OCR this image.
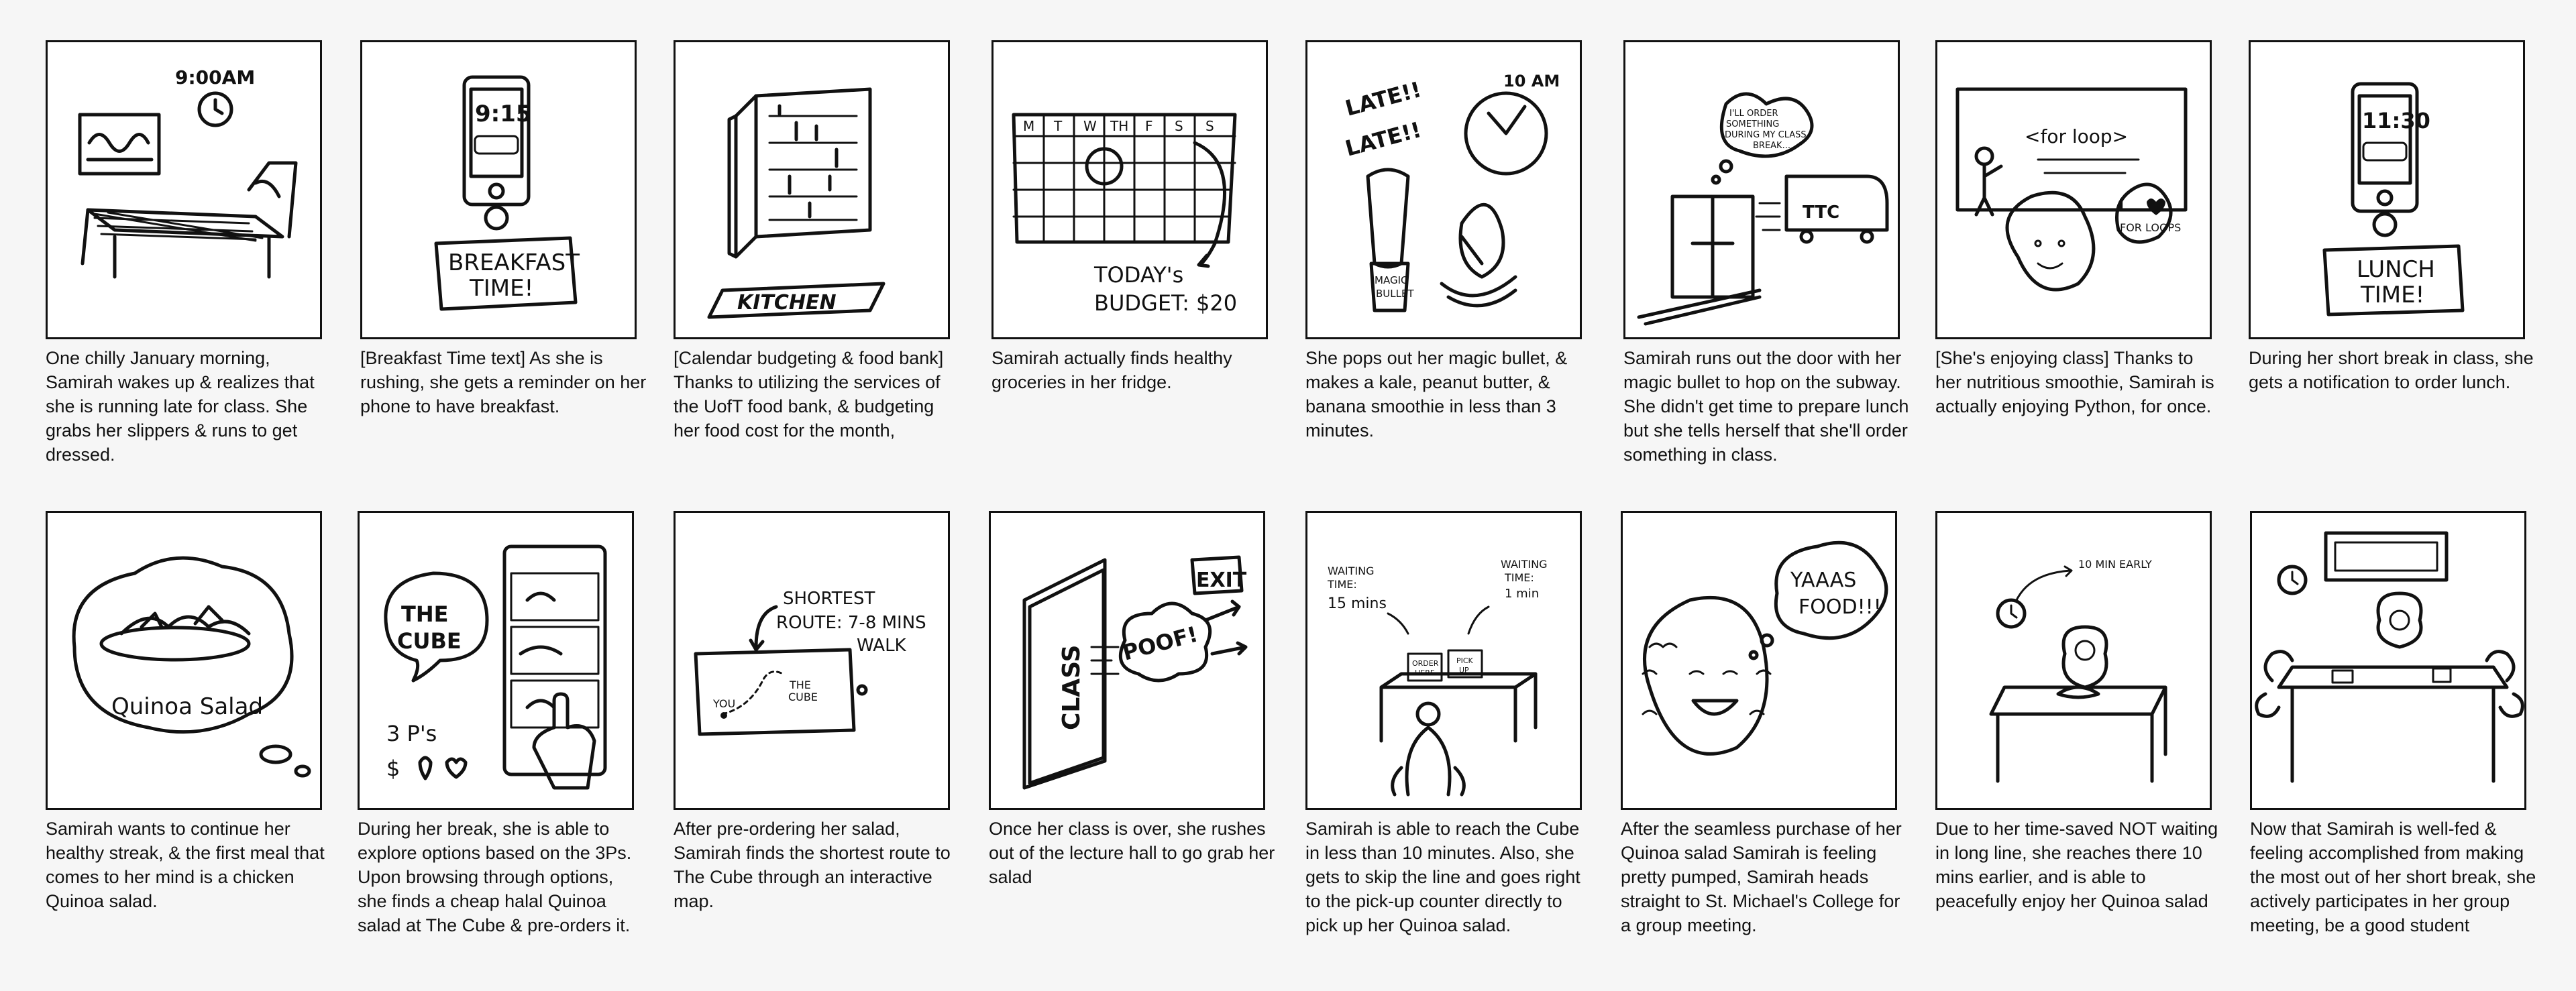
9:00AM
One chilly January morning, Samirah wakes up & realizes that she is running late for class. She grabs her slippers & runs to get dressed.
9:15
BREAKFAST
TIME!
[Breakfast Time text] As she is rushing, she gets a reminder on her phone to have breakfast.
KITCHEN
[Calendar budgeting & food bank] Thanks to utilizing the services of the UofT food bank, & budgeting her food cost for the month,
M T W TH F S S
TODAY's
BUDGET: $20
Samirah actually finds healthy groceries in her fridge.
LATE!!
LATE!!
10 AM
MAGIC
BULLET
She pops out her magic bullet, & makes a kale, peanut butter, & banana smoothie in less than 3 minutes.
I'LL ORDER
SOMETHING
DURING MY CLASS
BREAK...
TTC
Samirah runs out the door with her magic bullet to hop on the subway. She didn't get time to prepare lunch but she tells herself that she'll order something in class.
<for loop>
I
FOR LOOPS
[She's enjoying class] Thanks to her nutritious smoothie, Samirah is actually enjoying Python, for once.
11:30
LUNCH
TIME!
During her short break in class, she gets a notification to order lunch.
Quinoa Salad
Samirah wants to continue her healthy streak, & the first meal that comes to her mind is a chicken Quinoa salad.
THE
CUBE
3 P's
$
During her break, she is able to explore options based on the 3Ps. Upon browsing through options, she finds a cheap halal Quinoa salad at The Cube & pre-orders it.
SHORTEST
ROUTE: 7-8 MINS
WALK
YOU
THE
CUBE
After pre-ordering her salad, Samirah finds the shortest route to The Cube through an interactive map.
CLASS
POOF!
EXIT
Once her class is over, she rushes out of the lecture hall to go grab her salad
WAITING
TIME:
15 mins
WAITING
TIME:
1 min
ORDER
HERE
PICK
UP
Samirah is able to reach the Cube in less than 10 minutes. Also, she gets to skip the line and goes right to the pick-up counter directly to pick up her Quinoa salad.
YAAAS
FOOD!!!
After the seamless purchase of her Quinoa salad Samirah is feeling pretty pumped, Samirah heads straight to St. Michael's College for a group meeting.
10 MIN EARLY
Due to her time-saved NOT waiting in long line, she reaches there 10 mins earlier, and is able to peacefully enjoy her Quinoa salad
Now that Samirah is well-fed & feeling accomplished from making the most out of her short break, she actively participates in her group meeting, be a good student
